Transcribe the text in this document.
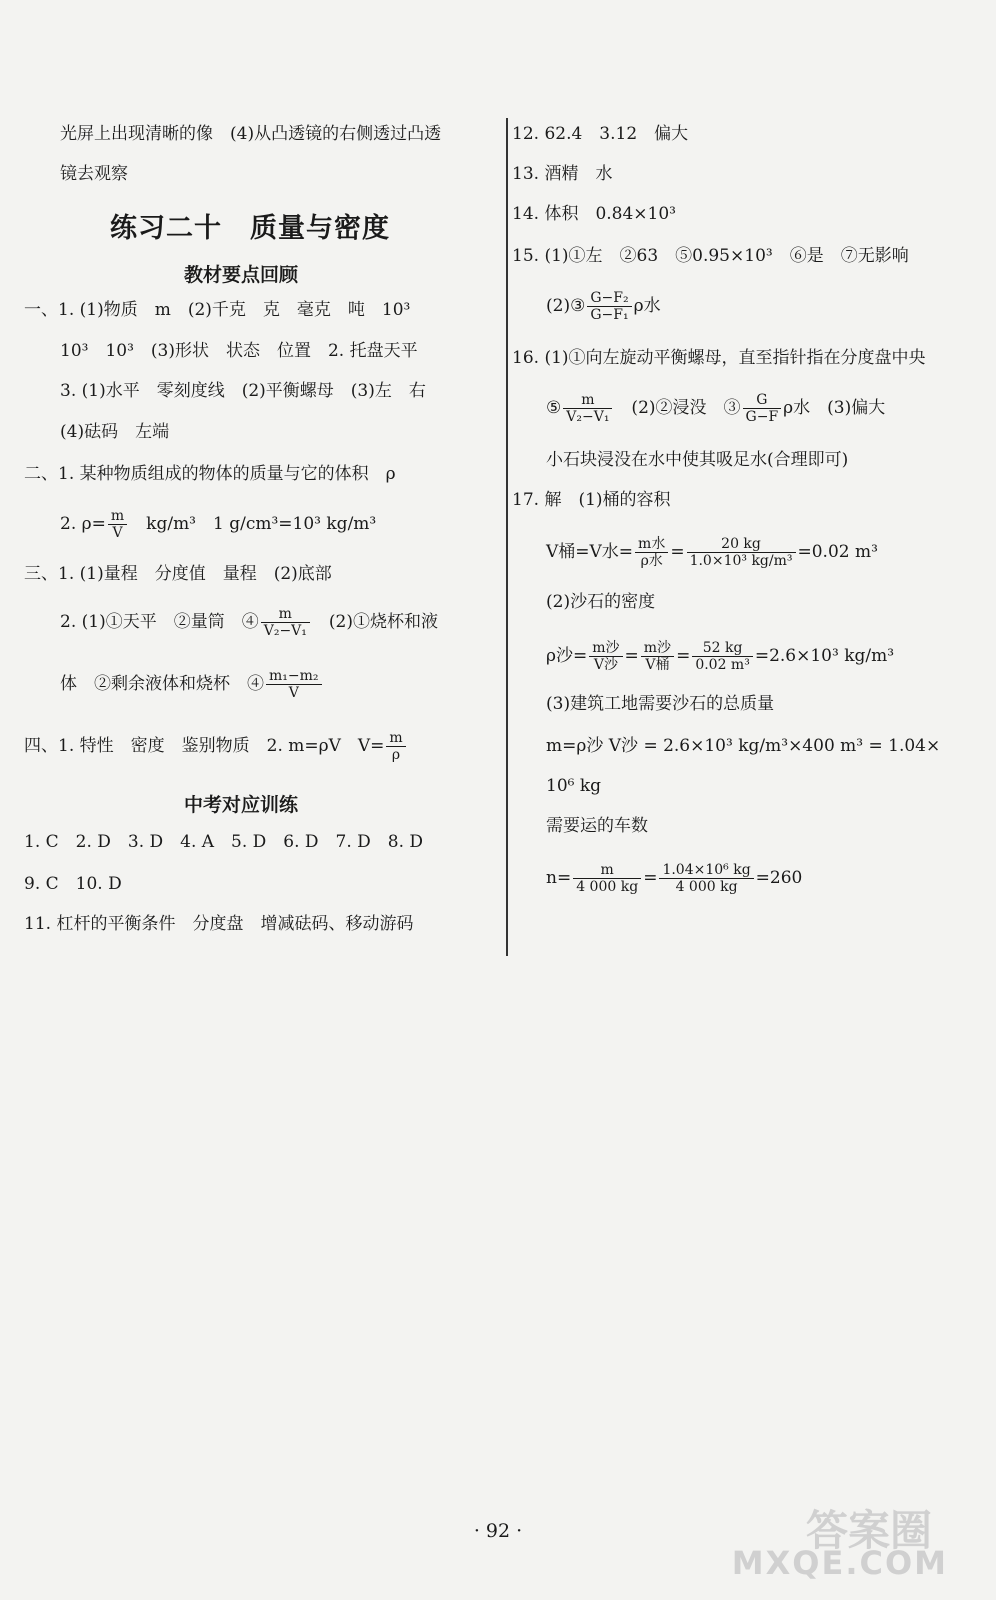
光屏上出现清晰的像　(4)从凸透镜的右侧透过凸透
镜去观察
练习二十　质量与密度
教材要点回顾
一、1. (1)物质　m　(2)千克　克　毫克　吨　10³
10³　10³　(3)形状　状态　位置　2. 托盘天平
3. (1)水平　零刻度线　(2)平衡螺母　(3)左　右
(4)砝码　左端
二、1. 某种物质组成的物体的质量与它的体积　ρ
2. $\rho= \frac{m}{V}$ 　kg/m³　1 g/cm³=10³ kg/m³
三、1. (1)量程　分度值　量程　(2)底部
2. (1)①天平　②量筒　④ $\frac{m}{\text{V₂−V₁}}$ 　(2)①烧杯和液
体　②剩余液体和烧杯　④ $\frac{\text{m₁−m₂}}{V}$
四、1. 特性　密度　鉴别物质　2. m=ρV　$V= \frac{m}{\rho}$
中考对应训练
1. C　2. D　3. D　4. A　5. D　6. D　7. D　8. D
9. C　10. D
11. 杠杆的平衡条件　分度盘　增减砝码、移动游码
12. 62.4　3.12　偏大
13. 酒精　水
14. 体积　0.84×10³
15. (1)①左　②63　⑤0.95×10³　⑥是　⑦无影响
(2)③ $\frac{\text{G−F₂}}{\text{G−F₁}}$ ρ水
16. (1)①向左旋动平衡螺母，直至指针指在分度盘中央
⑤ $\frac{m}{\text{V₂−V₁}}$ 　(2)②浸没　③ $\frac{G}{G-F}$ ρ水　(3)偏大
小石块浸没在水中使其吸足水(合理即可)
17. 解　(1)桶的容积
V桶=V水= $\frac{\text{m水}}{\text{ρ水}} = \frac{20 kg}{\text{1.0×10³ kg/m³}} =0.02$ m³
(2)沙石的密度
ρ沙= $\frac{\text{m沙}}{\text{V沙}} = \frac{\text{m沙}}{\text{V桶}} = \frac{52 kg}{\text{0.02 m³}} =2.6\times 10^3$ kg/m³
(3)建筑工地需要沙石的总质量
m=ρ沙 V沙 = 2.6×10³ kg/m³×400 m³ = 1.04×
10⁶ kg
需要运的车数
$n= \frac{m}{4 000 kg} = \frac{\text{1.04×10⁶ kg}}{4 000 kg} =260$
· 92 ·	答案圈
MXQE.COM
